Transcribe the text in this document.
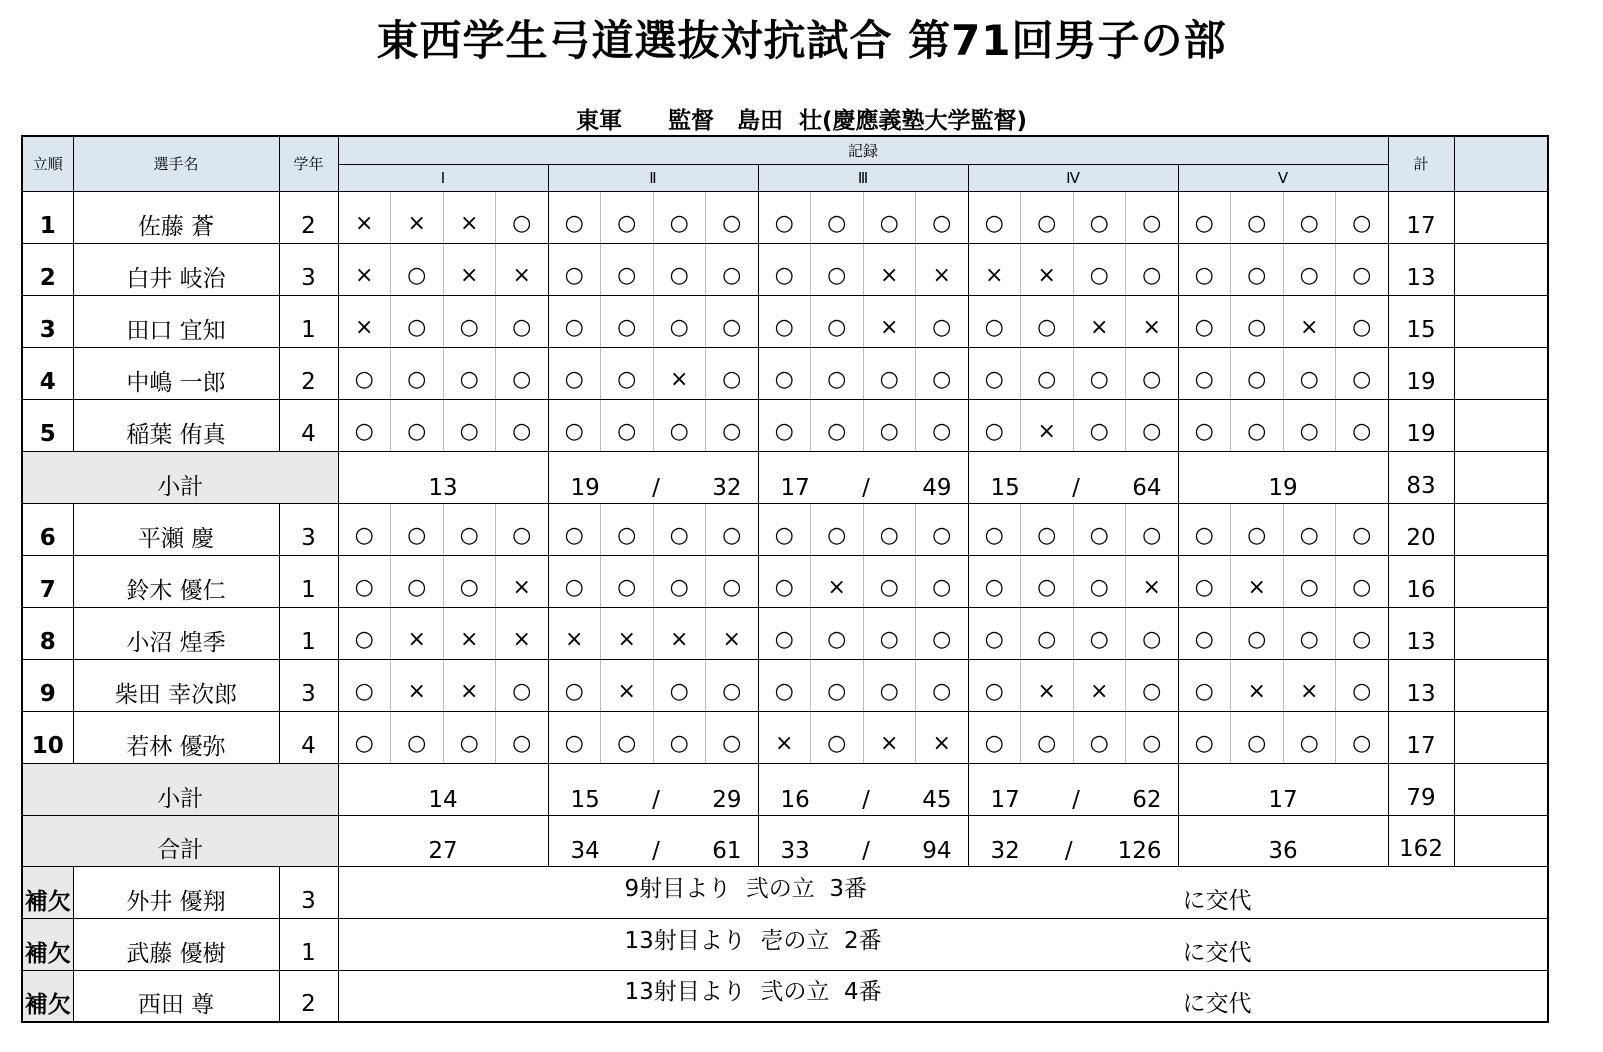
東西学生弓道選抜対抗試合 第71回男子の部
東軍　　監督　島田  壮(慶應義塾大学監督)
立順	選手名	学年	記録																				計	
			Ⅰ				Ⅱ				Ⅲ				Ⅳ				Ⅴ					
1	佐藤 蒼	2	×	×	×	○	○	○	○	○	○	○	○	○	○	○	○	○	○	○	○	○	17	
2	白井 岐治	3	×	○	×	×	○	○	○	○	○	○	×	×	×	×	○	○	○	○	○	○	13	
3	田口 宜知	1	×	○	○	○	○	○	○	○	○	○	×	○	○	○	×	×	○	○	×	○	15	
4	中嶋 一郎	2	○	○	○	○	○	○	×	○	○	○	○	○	○	○	○	○	○	○	○	○	19	
5	稲葉 侑真	4	○	○	○	○	○	○	○	○	○	○	○	○	○	×	○	○	○	○	○	○	19	
小計			13				19 / 32				17 / 49				15 / 64				19				83	
6	平瀬 慶	3	○	○	○	○	○	○	○	○	○	○	○	○	○	○	○	○	○	○	○	○	20	
7	鈴木 優仁	1	○	○	○	×	○	○	○	○	○	×	○	○	○	○	○	×	○	×	○	○	16	
8	小沼 煌季	1	○	×	×	×	×	×	×	×	○	○	○	○	○	○	○	○	○	○	○	○	13	
9	柴田 幸次郎	3	○	×	×	○	○	×	○	○	○	○	○	○	○	×	×	○	○	×	×	○	13	
10	若林 優弥	4	○	○	○	○	○	○	○	○	×	○	×	×	○	○	○	○	○	○	○	○	17	
小計			14				15 / 29				16 / 45				17 / 62				17				79	
合計			27				34 / 61				33 / 94				32 / 126				36				162	
補欠	外井 優翔	3	9射目より  弐の立  3番 に交代																					

補欠	武藤 優樹	1	13射目より  壱の立  2番 に交代																					

補欠	西田 尊	2	13射目より  弐の立  4番 に交代																					
